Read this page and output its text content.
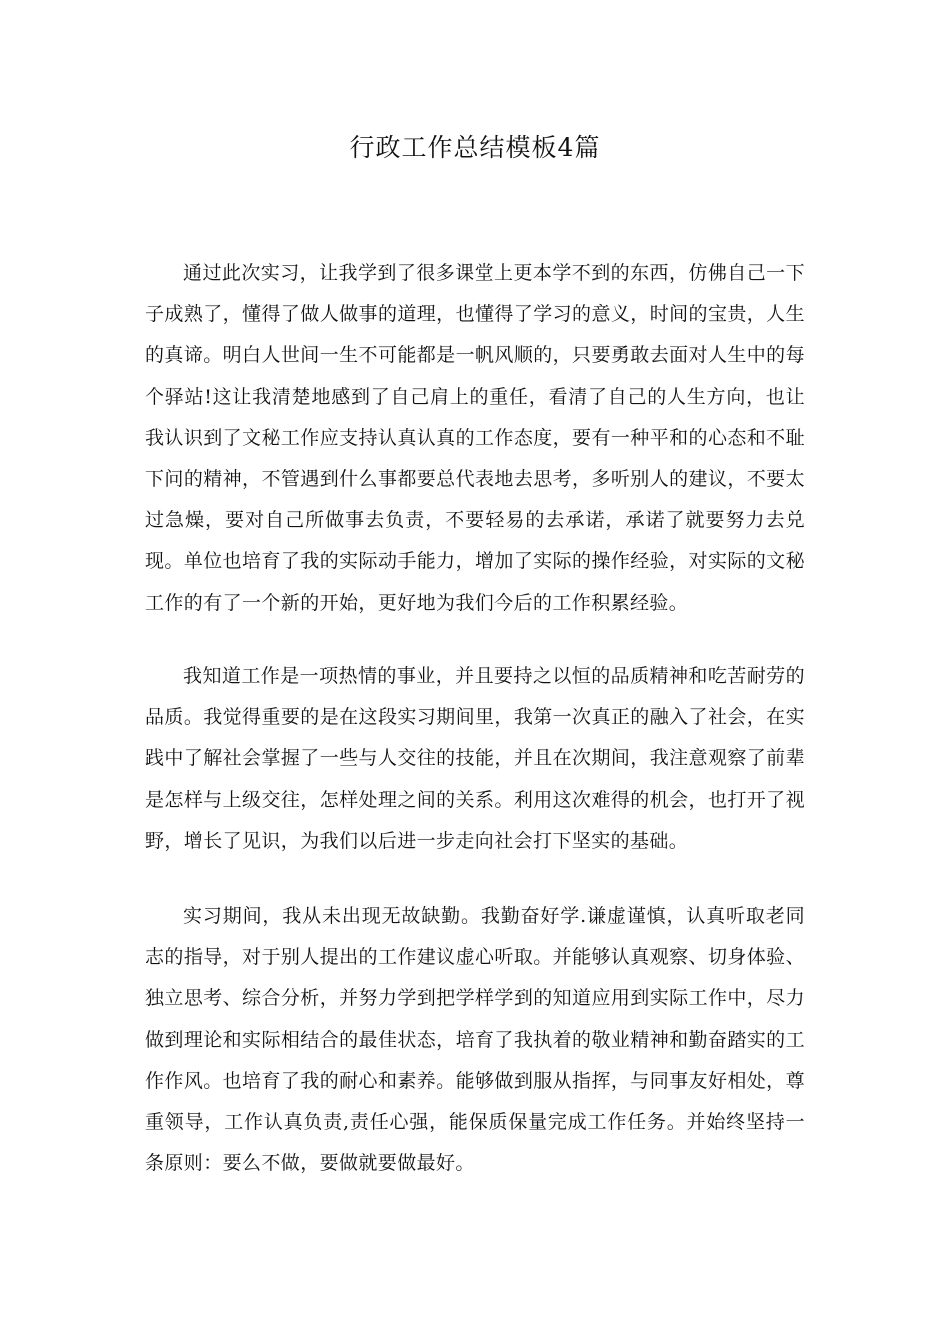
行政工作总结模板4篇

通过此次实习，让我学到了很多课堂上更本学不到的东西，仿佛自己一下子成熟了，懂得了做人做事的道理，也懂得了学习的意义，时间的宝贵，人生的真谛。明白人世间一生不可能都是一帆风顺的，只要勇敢去面对人生中的每个驿站!这让我清楚地感到了自己肩上的重任，看清了自己的人生方向，也让我认识到了文秘工作应支持认真认真的工作态度，要有一种平和的心态和不耻下问的精神，不管遇到什么事都要总代表地去思考，多听别人的建议，不要太过急燥，要对自己所做事去负责，不要轻易的去承诺，承诺了就要努力去兑现。单位也培育了我的实际动手能力，增加了实际的操作经验，对实际的文秘工作的有了一个新的开始，更好地为我们今后的工作积累经验。

我知道工作是一项热情的事业，并且要持之以恒的品质精神和吃苦耐劳的品质。我觉得重要的是在这段实习期间里，我第一次真正的融入了社会，在实践中了解社会掌握了一些与人交往的技能，并且在次期间，我注意观察了前辈是怎样与上级交往，怎样处理之间的关系。利用这次难得的机会，也打开了视野，增长了见识，为我们以后进一步走向社会打下坚实的基础。

实习期间，我从未出现无故缺勤。我勤奋好学.谦虚谨慎，认真听取老同志的指导，对于别人提出的工作建议虚心听取。并能够认真观察、切身体验、独立思考、综合分析，并努力学到把学样学到的知道应用到实际工作中，尽力做到理论和实际相结合的最佳状态，培育了我执着的敬业精神和勤奋踏实的工作作风。也培育了我的耐心和素养。能够做到服从指挥，与同事友好相处，尊重领导，工作认真负责,责任心强，能保质保量完成工作任务。并始终坚持一条原则：要么不做，要做就要做最好。
